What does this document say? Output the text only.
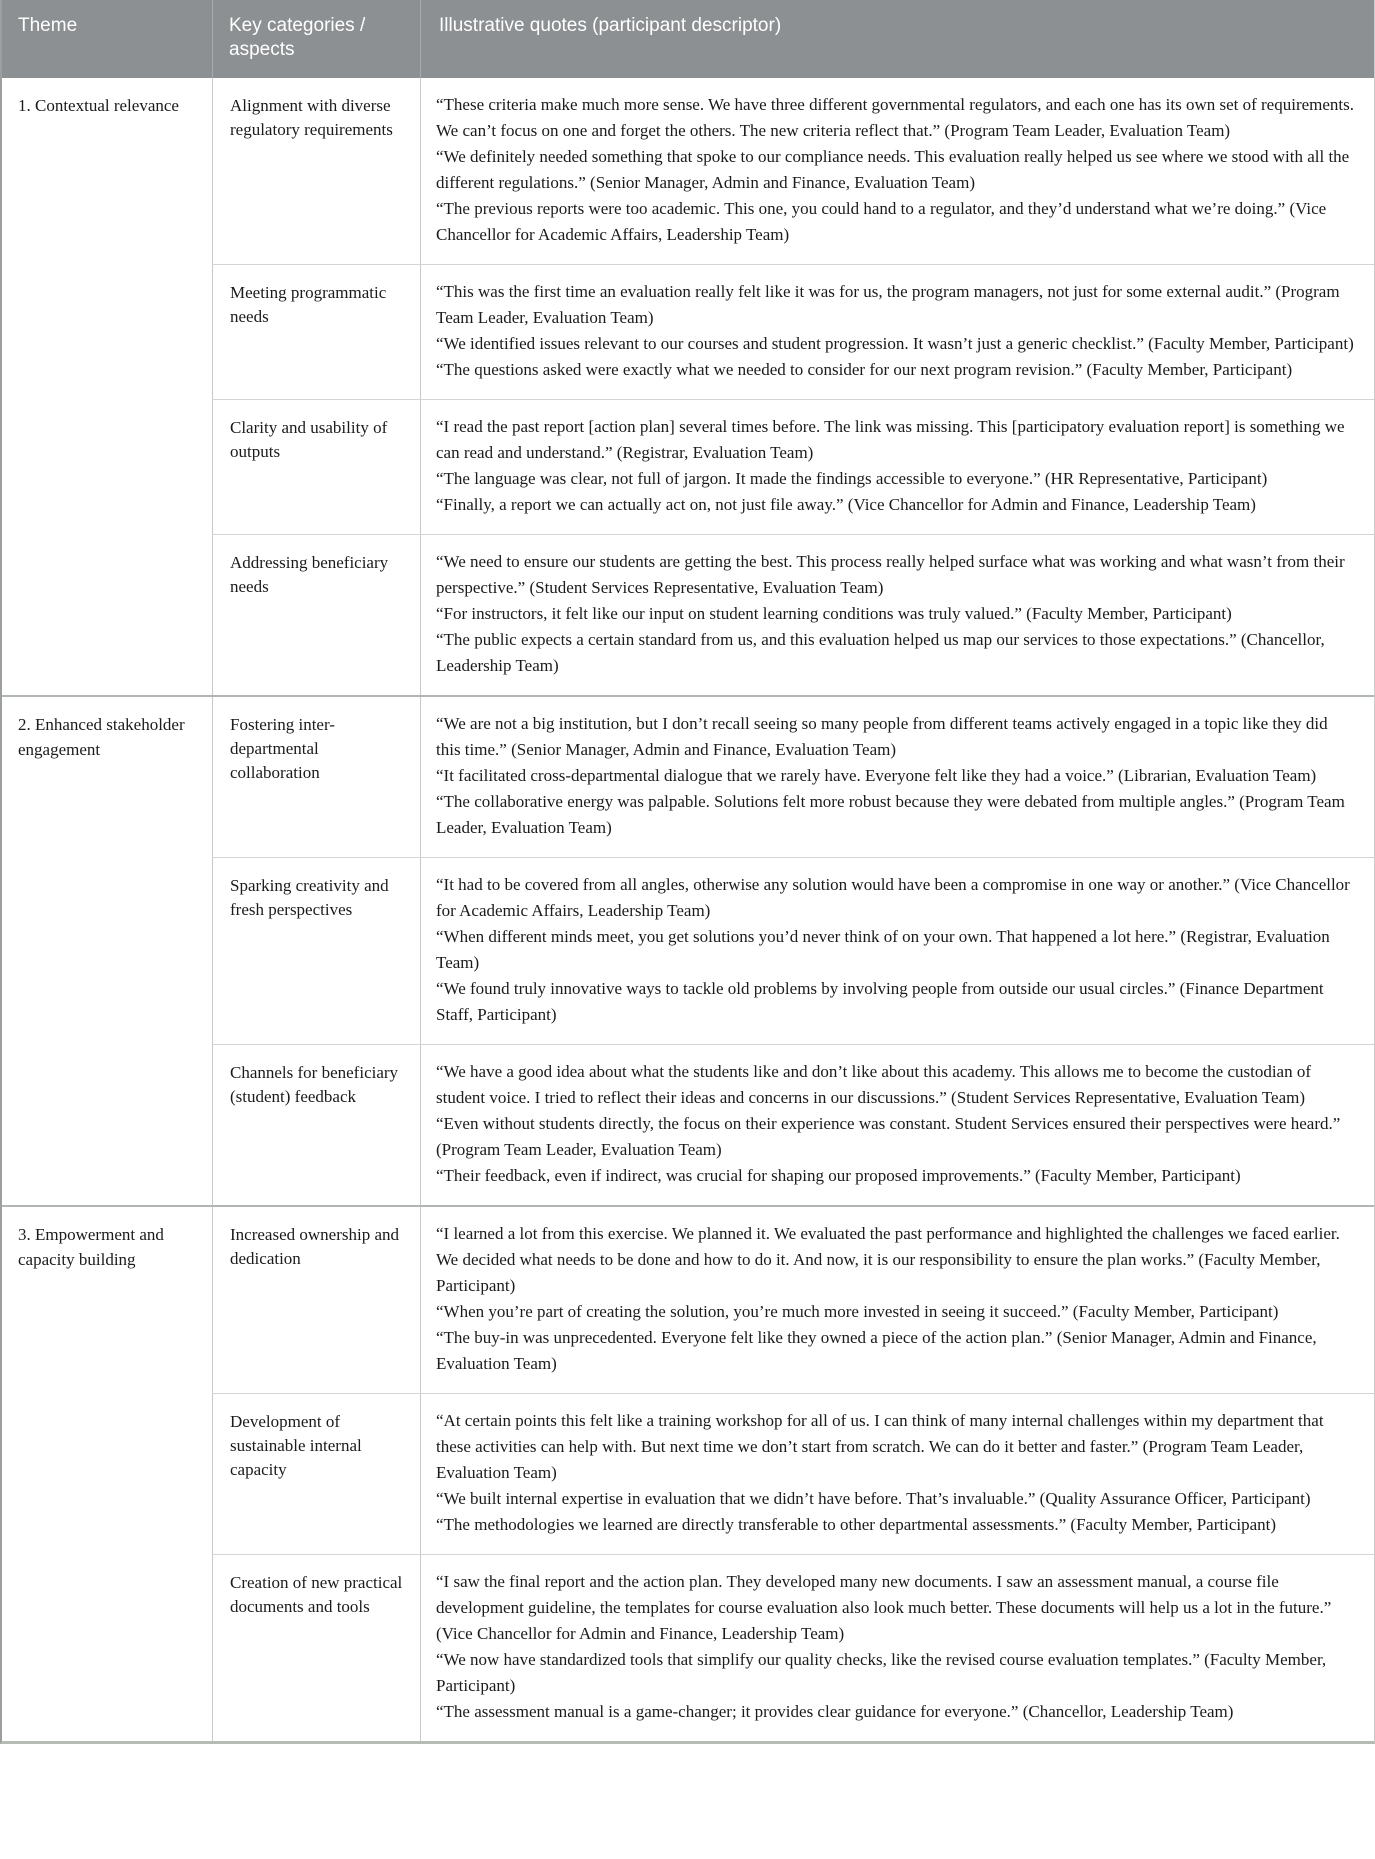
Theme	Key categories / aspects
Illustrative quotes (participant descriptor)
1. Contextual relevance	Alignment with diverse regulatory requirements

“These criteria make much more sense. We have three different governmental regulators, and each one has its own set of requirements. We can’t focus on one and forget the others. The new criteria reflect that.” (Program Team Leader, Evaluation Team)

“We definitely needed something that spoke to our compliance needs. This evaluation really helped us see where we stood with all the different regulations.” (Senior Manager, Admin and Finance, Evaluation Team)

“The previous reports were too academic. This one, you could hand to a regulator, and they’d understand what we’re doing.” (Vice Chancellor for Academic Affairs, Leadership Team)

Meeting programmatic needs

“This was the first time an evaluation really felt like it was for us, the program managers, not just for some external audit.” (Program Team Leader, Evaluation Team)

“We identified issues relevant to our courses and student progression. It wasn’t just a generic checklist.” (Faculty Member, Participant)

“The questions asked were exactly what we needed to consider for our next program revision.” (Faculty Member, Participant)

Clarity and usability of outputs

“I read the past report [action plan] several times before. The link was missing. This [participatory evaluation report] is something we can read and understand.” (Registrar, Evaluation Team)

“The language was clear, not full of jargon. It made the findings accessible to everyone.” (HR Representative, Participant)

“Finally, a report we can actually act on, not just file away.” (Vice Chancellor for Admin and Finance, Leadership Team)

Addressing beneficiary needs

“We need to ensure our students are getting the best. This process really helped surface what was working and what wasn’t from their perspective.” (Student Services Representative, Evaluation Team)

“For instructors, it felt like our input on student learning conditions was truly valued.” (Faculty Member, Participant)

“The public expects a certain standard from us, and this evaluation helped us map our services to those expectations.” (Chancellor, Leadership Team)

2. Enhanced stakeholder engagement
Fostering inter-departmental collaboration

“We are not a big institution, but I don’t recall seeing so many people from different teams actively engaged in a topic like they did this time.” (Senior Manager, Admin and Finance, Evaluation Team)

“It facilitated cross-departmental dialogue that we rarely have. Everyone felt like they had a voice.” (Librarian, Evaluation Team)

“The collaborative energy was palpable. Solutions felt more robust because they were debated from multiple angles.” (Program Team Leader, Evaluation Team)

Sparking creativity and fresh perspectives

“It had to be covered from all angles, otherwise any solution would have been a compromise in one way or another.” (Vice Chancellor for Academic Affairs, Leadership Team)

“When different minds meet, you get solutions you’d never think of on your own. That happened a lot here.” (Registrar, Evaluation Team)

“We found truly innovative ways to tackle old problems by involving people from outside our usual circles.” (Finance Department Staff, Participant)

Channels for beneficiary (student) feedback

“We have a good idea about what the students like and don’t like about this academy. This allows me to become the custodian of student voice. I tried to reflect their ideas and concerns in our discussions.” (Student Services Representative, Evaluation Team)

“Even without students directly, the focus on their experience was constant. Student Services ensured their perspectives were heard.” (Program Team Leader, Evaluation Team)

“Their feedback, even if indirect, was crucial for shaping our proposed improvements.” (Faculty Member, Participant)

3. Empowerment and capacity building
Increased ownership and dedication

“I learned a lot from this exercise. We planned it. We evaluated the past performance and highlighted the challenges we faced earlier. We decided what needs to be done and how to do it. And now, it is our responsibility to ensure the plan works.” (Faculty Member, Participant)

“When you’re part of creating the solution, you’re much more invested in seeing it succeed.” (Faculty Member, Participant)

“The buy-in was unprecedented. Everyone felt like they owned a piece of the action plan.” (Senior Manager, Admin and Finance, Evaluation Team)

Development of sustainable internal capacity

“At certain points this felt like a training workshop for all of us. I can think of many internal challenges within my department that these activities can help with. But next time we don’t start from scratch. We can do it better and faster.” (Program Team Leader, Evaluation Team)

“We built internal expertise in evaluation that we didn’t have before. That’s invaluable.” (Quality Assurance Officer, Participant)

“The methodologies we learned are directly transferable to other departmental assessments.” (Faculty Member, Participant)

Creation of new practical documents and tools

“I saw the final report and the action plan. They developed many new documents. I saw an assessment manual, a course file development guideline, the templates for course evaluation also look much better. These documents will help us a lot in the future.” (Vice Chancellor for Admin and Finance, Leadership Team)

“We now have standardized tools that simplify our quality checks, like the revised course evaluation templates.” (Faculty Member, Participant)

“The assessment manual is a game-changer; it provides clear guidance for everyone.” (Chancellor, Leadership Team)
